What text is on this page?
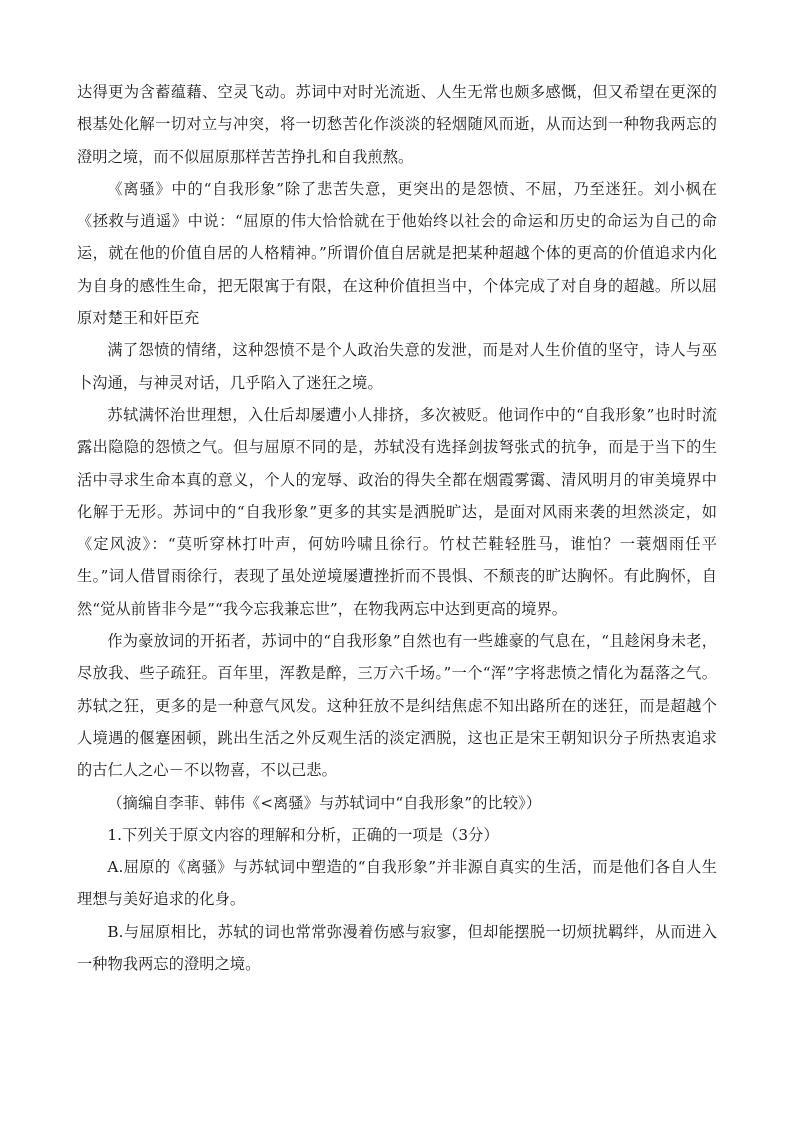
达得更为含蓄蕴藉、空灵飞动。苏词中对时光流逝、人生无常也颇多感慨，但又希望在更深的根基处化解一切对立与冲突，将一切愁苦化作淡淡的轻烟随风而逝，从而达到一种物我两忘的澄明之境，而不似屈原那样苦苦挣扎和自我煎熬。

《离骚》中的“自我形象”除了悲苦失意，更突出的是怨愤、不屈，乃至迷狂。刘小枫在《拯救与逍遥》中说：“屈原的伟大恰恰就在于他始终以社会的命运和历史的命运为自己的命运，就在他的价值自居的人格精神。”所谓价值自居就是把某种超越个体的更高的价值追求内化为自身的感性生命，把无限寓于有限，在这种价值担当中，个体完成了对自身的超越。所以屈原对楚王和奸臣充

满了怨愤的情绪，这种怨愤不是个人政治失意的发泄，而是对人生价值的坚守，诗人与巫卜沟通，与神灵对话，几乎陷入了迷狂之境。

苏轼满怀治世理想，入仕后却屡遭小人排挤，多次被贬。他词作中的“自我形象”也时时流露出隐隐的怨愤之气。但与屈原不同的是，苏轼没有选择剑拔弩张式的抗争，而是于当下的生活中寻求生命本真的意义，个人的宠辱、政治的得失全都在烟霞雾霭、清风明月的审美境界中化解于无形。苏词中的“自我形象”更多的其实是洒脱旷达，是面对风雨来袭的坦然淡定，如《定风波》：“莫听穿林打叶声，何妨吟啸且徐行。竹杖芒鞋轻胜马，谁怕？一蓑烟雨任平生。”词人借冒雨徐行，表现了虽处逆境屡遭挫折而不畏惧、不颓丧的旷达胸怀。有此胸怀，自然“觉从前皆非今是”“我今忘我兼忘世”，在物我两忘中达到更高的境界。

作为豪放词的开拓者，苏词中的“自我形象”自然也有一些雄豪的气息在，“且趁闲身未老，尽放我、些子疏狂。百年里，浑教是醉，三万六千场。”一个“浑”字将悲愤之情化为磊落之气。苏轼之狂，更多的是一种意气风发。这种狂放不是纠结焦虑不知出路所在的迷狂，而是超越个人境遇的偃蹇困顿，跳出生活之外反观生活的淡定洒脱，这也正是宋王朝知识分子所热衷追求的古仁人之心－不以物喜，不以己悲。

（摘编自李菲、韩伟《<离骚》与苏轼词中“自我形象”的比较》）

1.下列关于原文内容的理解和分析，正确的一项是（3分）

A.屈原的《离骚》与苏轼词中塑造的“自我形象”并非源自真实的生活，而是他们各自人生理想与美好追求的化身。

B.与屈原相比，苏轼的词也常常弥漫着伤感与寂寥，但却能摆脱一切烦扰羁绊，从而进入一种物我两忘的澄明之境。
